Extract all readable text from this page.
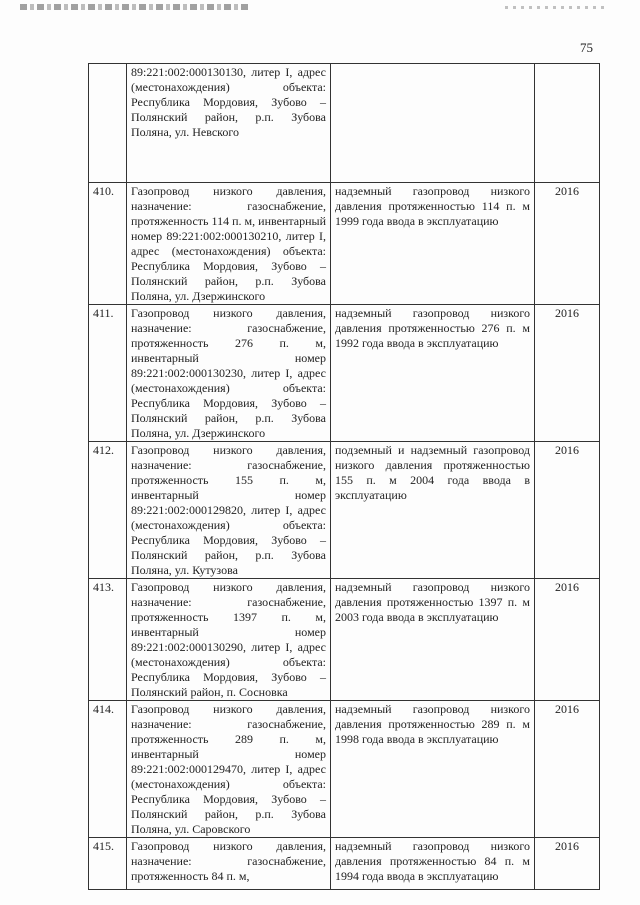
75
	89:221:002:000130130, литер I, адрес (местонахождения) объекта: Республика Мордовия, Зубово – Полянский район, р.п. Зубова Поляна, ул. Невского		
410.	Газопровод низкого давления, назначение: газоснабжение, протяженность 114 п. м, инвентарный номер 89:221:002:000130210, литер I, адрес (местонахождения) объекта: Республика Мордовия, Зубово – Полянский район, р.п. Зубова Поляна, ул. Дзержинского	надземный газопровод низкого давления протяженностью 114 п. м 1999 года ввода в эксплуатацию	2016
411.	Газопровод низкого давления, назначение: газоснабжение, протяженность 276 п. м, инвентарный номер 89:221:002:000130230, литер I, адрес (местонахождения) объекта: Республика Мордовия, Зубово – Полянский район, р.п. Зубова Поляна, ул. Дзержинского	надземный газопровод низкого давления протяженностью 276 п. м 1992 года ввода в эксплуатацию	2016
412.	Газопровод низкого давления, назначение: газоснабжение, протяженность 155 п. м, инвентарный номер 89:221:002:000129820, литер I, адрес (местонахождения) объекта: Республика Мордовия, Зубово – Полянский район, р.п. Зубова Поляна, ул. Кутузова	подземный и надземный газопровод низкого давления протяженностью 155 п. м 2004 года ввода в эксплуатацию	2016
413.	Газопровод низкого давления, назначение: газоснабжение, протяженность 1397 п. м, инвентарный номер 89:221:002:000130290, литер I, адрес (местонахождения) объекта: Республика Мордовия, Зубово – Полянский район, п. Сосновка	надземный газопровод низкого давления протяженностью 1397 п. м 2003 года ввода в эксплуатацию	2016
414.	Газопровод низкого давления, назначение: газоснабжение, протяженность 289 п. м, инвентарный номер 89:221:002:000129470, литер I, адрес (местонахождения) объекта: Республика Мордовия, Зубово – Полянский район, р.п. Зубова Поляна, ул. Саровского	надземный газопровод низкого давления протяженностью 289 п. м 1998 года ввода в эксплуатацию	2016
415.	Газопровод низкого давления, назначение: газоснабжение, протяженность 84 п. м,	надземный газопровод низкого давления протяженностью 84 п. м 1994 года ввода в эксплуатацию	2016
